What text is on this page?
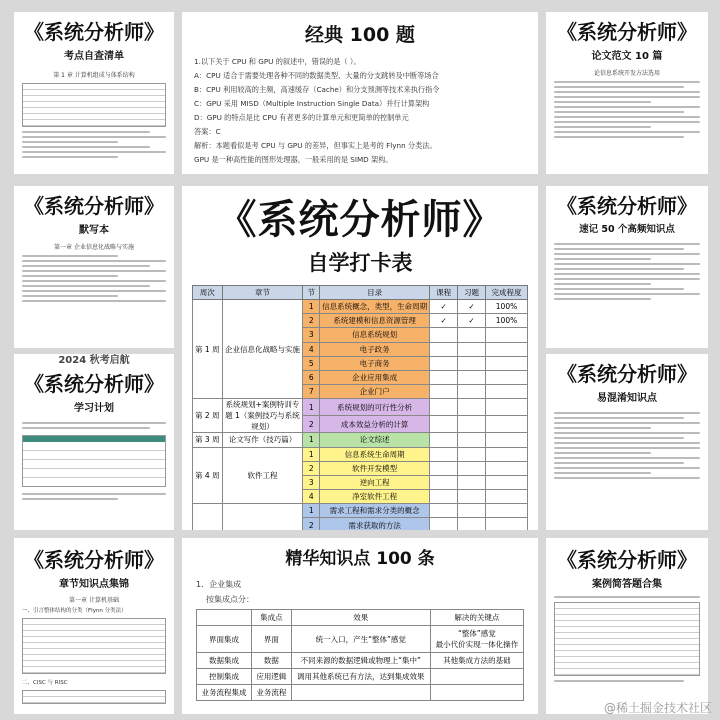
《系统分析师》
考点自查清单
第 1 章 计算机组成与体系结构
经典 100 题
1.以下关于 CPU 和 GPU 的叙述中，错误的是（ ）。
A：CPU 适合于需要处理各种不同的数据类型、大量的分支跳转及中断等场合
B：CPU 利用较高的主频，高速缓存（Cache）和分支预测等技术来执行指令
C：GPU 采用 MISD（Multiple Instruction Single Data）并行计算架构
D：GPU 的特点是比 CPU 有者更多的计算单元和更简单的控制单元
答案：C
解析：本题看似是考 CPU 与 GPU 的差异，但事实上是考的 Flynn 分类法。
GPU 是一种高性能的图形处理器，一般采用的是 SIMD 架构。
《系统分析师》
论文范文 10 篇
论信息系统开发方法选用
《系统分析师》
默写本
第一章 企业信息化战略与实施
《系统分析师》
速记 50 个高频知识点
2024 秋考启航
《系统分析师》
学习计划
《系统分析师》
易混淆知识点
《系统分析师》
章节知识点集锦
第一章 计算机基础
一、引言整体结构的分类（Flynn 分类法）
二、CISC 与 RISC
精华知识点 100 条
1．企业集成
按集成点分：
	集成点	效果	解决的关键点
界面集成	界面	统一入口，产生“整体”感觉	“整体”感觉
最小代价实现一体化操作
数据集成	数据	不同来源的数据逻辑或物理上“集中”	其他集成方法的基础
控制集成	应用逻辑	调用其他系统已有方法，达到集成效果	
业务流程集成	业务流程		
《系统分析师》
案例简答题合集
《系统分析师》
自学打卡表
周次	章节	节	目录	课程	习题	完成程度
第 1 周	企业信息化战略与实施	1	信息系统概念，类型，生命周期	✓	✓	100%
		2	系统建模和信息资源管理	✓	✓	100%
		3	信息系统规划			
		4	电子政务			
		5	电子商务			
		6	企业应用集成			
		7	企业门户			
第 2 周	系统规划+案例特训专题 1（案例技巧与系统规划）	1	系统规划的可行性分析			
		2	成本效益分析的计算			
第 3 周	论文写作（技巧篇）	1	论文综述			
第 4 周	软件工程	1	信息系统生命周期			
		2	软件开发模型			
		3	逆向工程			
		4	净室软件工程			
		1	需求工程和需求分类的概念			
		2	需求获取的方法			

@稀土掘金技术社区
